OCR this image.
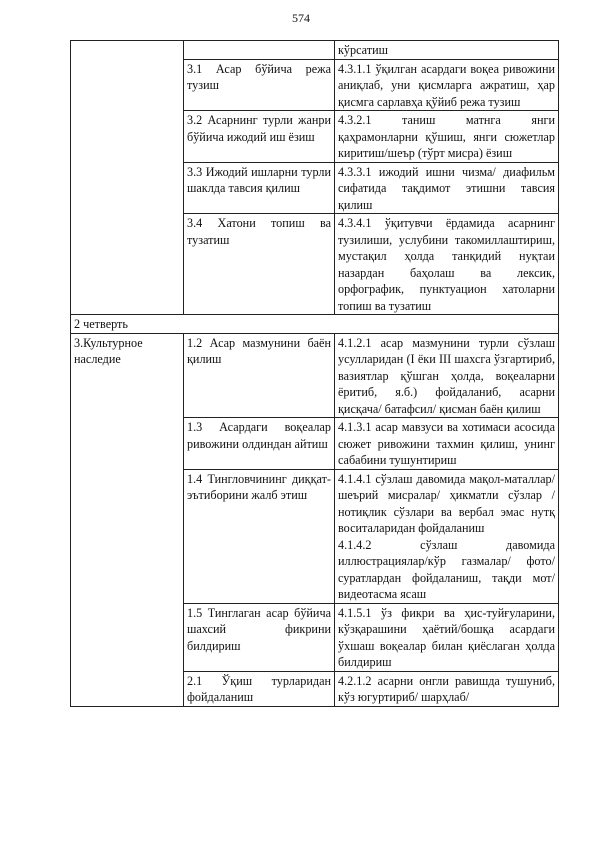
574

		кўрсатиш

	3.1 Асар бўйича режа тузиш	4.3.1.1 ўқилган асардаги воқеа ривожини аниқлаб, уни қисмларга ажратиш, ҳар қисмга сарлавҳа қўйиб режа тузиш

	3.2 Асарнинг турли жанри бўйича ижодий иш ёзиш	4.3.2.1 таниш матнга янги қаҳрамонларни қўшиш, янги сюжетлар киритиш/шеър (тўрт мисра) ёзиш

	3.3 Ижодий ишларни турли шаклда тавсия қилиш	4.3.3.1 ижодий ишни чизма/ диафильм сифатида тақдимот этишни тавсия қилиш

	3.4 Хатони топиш ва тузатиш	4.3.4.1 ўқитувчи ёрдамида асарнинг тузилиши, услубини такомиллаштириш, мустақил ҳолда танқидий нуқтаи назардан баҳолаш ва лексик, орфографик, пунктуацион хатоларни топиш ва тузатиш

2 четверть		
3.Культурное наследие	1.2 Асар мазмунини баён қилиш	4.1.2.1 асар мазмунини турли сўзлаш усулларидан (I ёки III шахсга ўзгартириб, вазиятлар қўшган ҳолда, воқеаларни ёритиб, я.б.) фойдаланиб, асарни қисқача/ батафсил/ қисман баён қилиш

	1.3 Асардаги воқеалар ривожини олдиндан айтиш	4.1.3.1 асар мавзуси ва хотимаси асосида сюжет ривожини тахмин қилиш, унинг сабабини тушунтириш

	1.4 Тингловчининг диққат-эътиборини жалб этиш	4.1.4.1 сўзлаш давомида мақол-маталлар/шеърий мисралар/ ҳикматли сўзлар /нотиқлик сўзлари ва вербал эмас нутқ воситаларидан фойдаланиш
4.1.4.2 сўзлаш давомида иллюстрациялар/кўр газмалар/ фото/суратлардан фойдаланиш, тақди мот/ видеотасма ясаш

	1.5 Тинглаган асар бўйича шахсий фикрини билдириш	4.1.5.1 ўз фикри ва ҳис-туйғуларини, кўзқарашини ҳаётий/бошқа асардаги ўхшаш воқеалар билан қиёслаган ҳолда билдириш

	2.1 Ўқиш турларидан фойдаланиш	4.2.1.2 асарни онгли равишда тушуниб, кўз югуртириб/ шарҳлаб/
